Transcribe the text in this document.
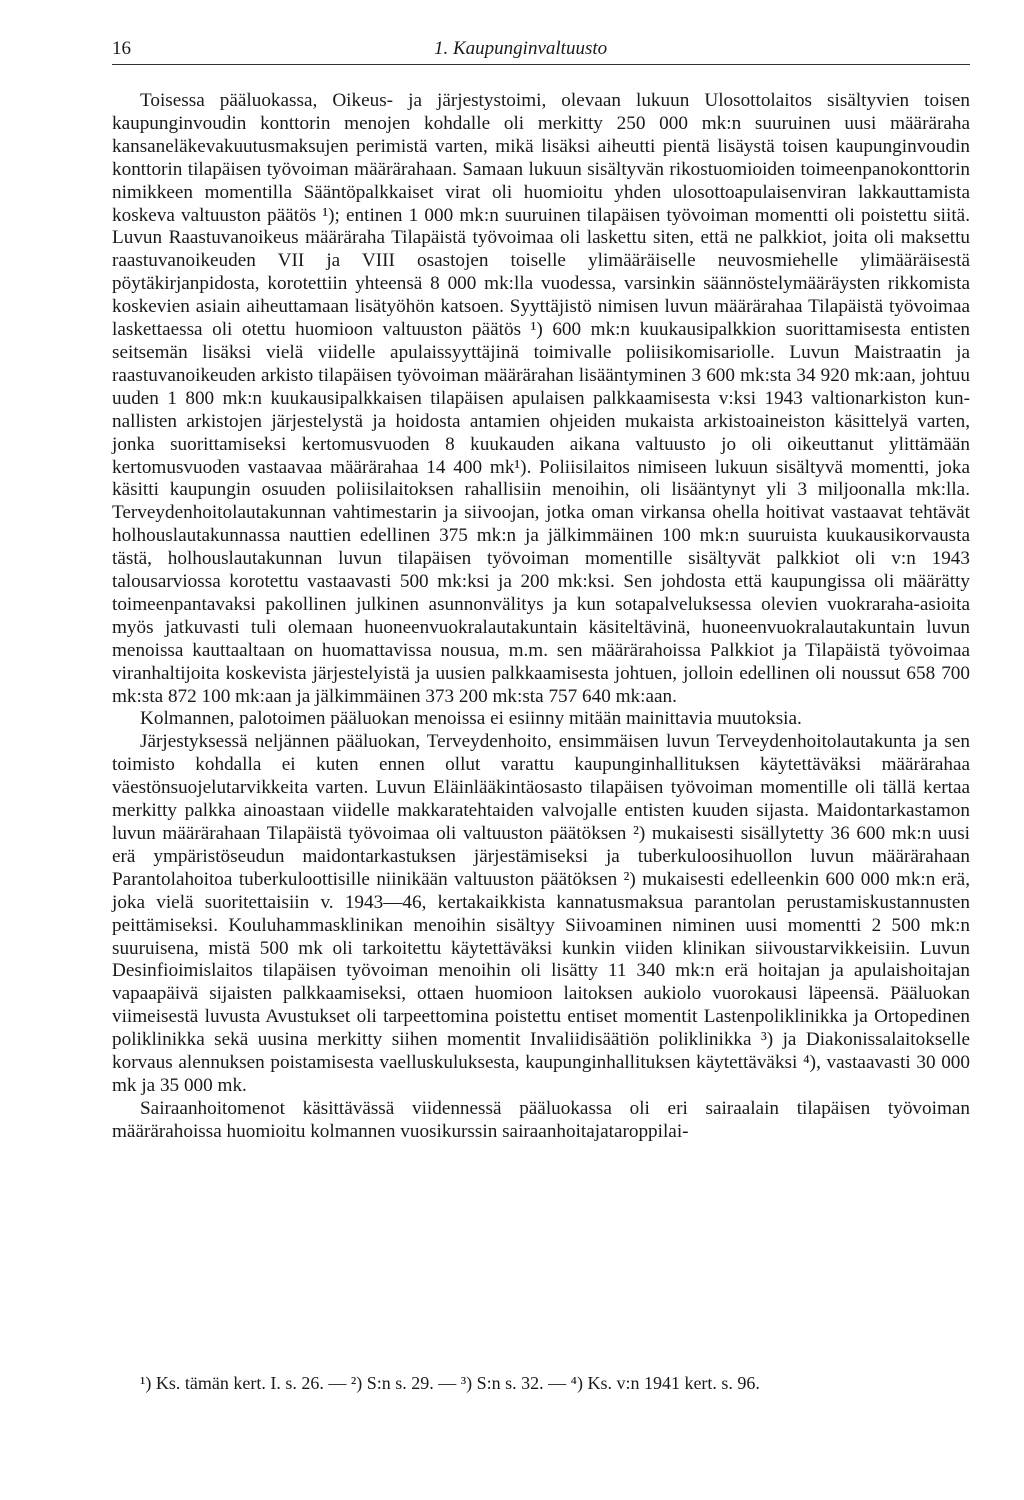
16	1. Kaupunginvaltuusto

Toisessa pääluokassa, Oikeus- ja järjestystoimi, olevaan lukuun Ulosottolaitos sisältyvien toisen kaupunginvoudin konttorin menojen kohdalle oli merkitty 250 000 mk:n suuruinen uusi määräraha kansaneläkevakuutusmaksujen perimistä varten, mikä lisäksi aiheutti pientä lisäystä toisen kaupunginvoudin konttorin tilapäisen työvoiman määrärahaan. Samaan lukuun sisältyvän rikostuomioiden toimeenpanokonttorin nimikkeen momentilla Sääntöpalkkaiset virat oli huomioitu yhden ulosottoapulaisenviran lakkauttamista koskeva valtuuston päätös ¹); entinen 1 000 mk:n suuruinen tilapäisen työvoiman momentti oli poistettu siitä. Luvun Raastuvanoikeus määräraha Tilapäistä työvoimaa oli laskettu siten, että ne palkkiot, joita oli maksettu raastuvanoikeuden VII ja VIII osastojen toiselle ylimääräiselle neuvosmiehelle ylimääräisestä pöytäkirjanpidosta, korotettiin yhteensä 8 000 mk:lla vuodessa, varsinkin säännöstelymääräysten rikkomista koskevien asiain aiheuttamaan lisätyöhön katsoen. Syyttäjistö nimisen luvun määrärahaa Tilapäistä työvoimaa laskettaessa oli otettu huomioon valtuuston päätös ¹) 600 mk:n kuukausipalkkion suorittamisesta entisten seitsemän lisäksi vielä viidelle apulaissyyttäjinä toimivalle poliisikomisariolle. Luvun Maistraatin ja raastuvanoikeuden arkisto tilapäisen työvoiman määrärahan lisääntyminen 3 600 mk:sta 34 920 mk:aan, johtuu uuden 1 800 mk:n kuukausipalkkaisen tilapäisen apulaisen palkkaamisesta v:ksi 1943 valtionarkiston kunnallisten arkistojen järjestelystä ja hoidosta antamien ohjeiden mukaista arkistoaineiston käsittelyä varten, jonka suorittamiseksi kertomusvuoden 8 kuukauden aikana valtuusto jo oli oikeuttanut ylittämään kertomusvuoden vastaavaa määrärahaa 14 400 mk¹). Poliisilaitos nimiseen lukuun sisältyvä momentti, joka käsitti kaupungin osuuden poliisilaitoksen rahallisiin menoihin, oli lisääntynyt yli 3 miljoonalla mk:lla. Terveydenhoitolautakunnan vahtimestarin ja siivoojan, jotka oman virkansa ohella hoitivat vastaavat tehtävät holhouslautakunnassa nauttien edellinen 375 mk:n ja jälkimmäinen 100 mk:n suuruista kuukausikorvausta tästä, holhouslautakunnan luvun tilapäisen työvoiman momentille sisältyvät palkkiot oli v:n 1943 talousarviossa korotettu vastaavasti 500 mk:ksi ja 200 mk:ksi. Sen johdosta että kaupungissa oli määrätty toimeenpantavaksi pakollinen julkinen asunnonvälitys ja kun sotapalveluksessa olevien vuokraraha-asioita myös jatkuvasti tuli olemaan huoneenvuokralautakuntain käsiteltävinä, huoneenvuokralautakuntain luvun menoissa kauttaaltaan on huomattavissa nousua, m.m. sen määrärahoissa Palkkiot ja Tilapäistä työvoimaa viranhaltijoita koskevista järjestelyistä ja uusien palkkaamisesta johtuen, jolloin edellinen oli noussut 658 700 mk:sta 872 100 mk:aan ja jälkimmäinen 373 200 mk:sta 757 640 mk:aan.

Kolmannen, palotoimen pääluokan menoissa ei esiinny mitään mainittavia muutoksia.

Järjestyksessä neljännen pääluokan, Terveydenhoito, ensimmäisen luvun Terveydenhoitolautakunta ja sen toimisto kohdalla ei kuten ennen ollut varattu kaupunginhallituksen käytettäväksi määrärahaa väestönsuojelutarvikkeita varten. Luvun Eläinlääkintäosasto tilapäisen työvoiman momentille oli tällä kertaa merkitty palkka ainoastaan viidelle makkaratehtaiden valvojalle entisten kuuden sijasta. Maidontarkastamon luvun määrärahaan Tilapäistä työvoimaa oli valtuuston päätöksen ²) mukaisesti sisällytetty 36 600 mk:n uusi erä ympäristöseudun maidontarkastuksen järjestämiseksi ja tuberkuloosihuollon luvun määrärahaan Parantolahoitoa tuberkuloottisille niinikään valtuuston päätöksen ²) mukaisesti edelleenkin 600 000 mk:n erä, joka vielä suoritettaisiin v. 1943—46, kertakaikkista kannatusmaksua parantolan perustamiskustannusten peittämiseksi. Kouluhammasklinikan menoihin sisältyy Siivoaminen niminen uusi momentti 2 500 mk:n suuruisena, mistä 500 mk oli tarkoitettu käytettäväksi kunkin viiden klinikan siivoustarvikkeisiin. Luvun Desinfioimislaitos tilapäisen työvoiman menoihin oli lisätty 11 340 mk:n erä hoitajan ja apulaishoitajan vapaapäivä sijaisten palkkaamiseksi, ottaen huomioon laitoksen aukiolo vuorokausi läpeensä. Pääluokan viimeisestä luvusta Avustukset oli tarpeettomina poistettu entiset momentit Lastenpoliklinikka ja Ortopedinen poliklinikka sekä uusina merkitty siihen momentit Invaliidisäätiön poliklinikka ³) ja Diakonissalaitokselle korvaus alennuksen poistamisesta vaelluskuluksesta, kaupunginhallituksen käytettäväksi ⁴), vastaavasti 30 000 mk ja 35 000 mk.

Sairaanhoitomenot käsittävässä viidennessä pääluokassa oli eri sairaalain tilapäisen työvoiman määrärahoissa huomioitu kolmannen vuosikurssin sairaanhoitajataroppilai-

¹) Ks. tämän kert. I. s. 26. — ²) S:n s. 29. — ³) S:n s. 32. — ⁴) Ks. v:n 1941 kert. s. 96.
